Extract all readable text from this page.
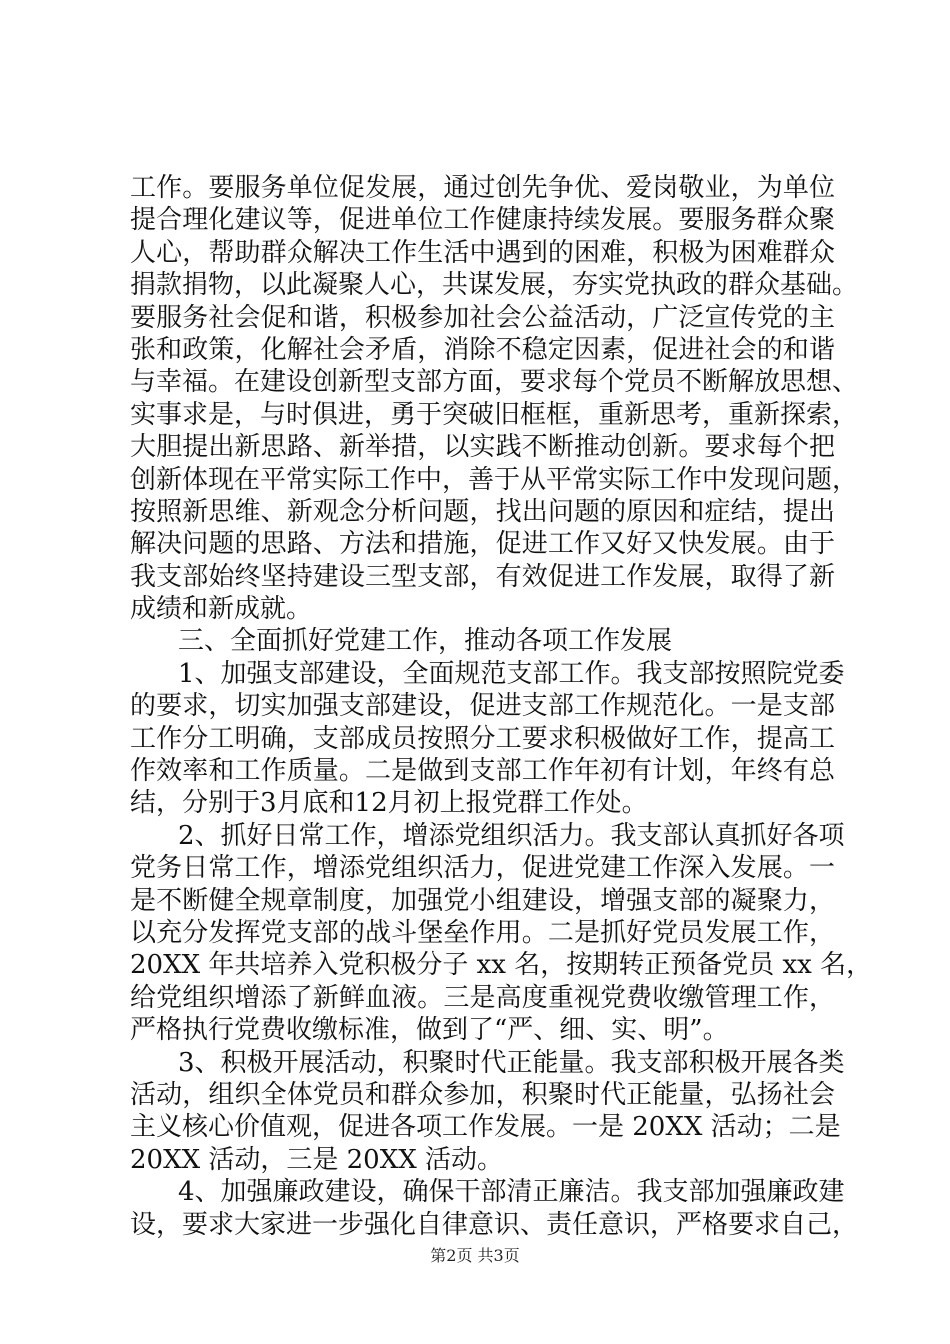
工作。要服务单位促发展，通过创先争优、爱岗敬业，为单位
提合理化建议等，促进单位工作健康持续发展。要服务群众聚
人心，帮助群众解决工作生活中遇到的困难，积极为困难群众
捐款捐物，以此凝聚人心，共谋发展，夯实党执政的群众基础。
要服务社会促和谐，积极参加社会公益活动，广泛宣传党的主
张和政策，化解社会矛盾，消除不稳定因素，促进社会的和谐
与幸福。在建设创新型支部方面，要求每个党员不断解放思想、
实事求是，与时俱进，勇于突破旧框框，重新思考，重新探索，
大胆提出新思路、新举措，以实践不断推动创新。要求每个把
创新体现在平常实际工作中，善于从平常实际工作中发现问题，
按照新思维、新观念分析问题，找出问题的原因和症结，提出
解决问题的思路、方法和措施，促进工作又好又快发展。由于
我支部始终坚持建设三型支部，有效促进工作发展，取得了新
成绩和新成就。
三、全面抓好党建工作，推动各项工作发展
1、加强支部建设，全面规范支部工作。我支部按照院党委
的要求，切实加强支部建设，促进支部工作规范化。一是支部
工作分工明确，支部成员按照分工要求积极做好工作，提高工
作效率和工作质量。二是做到支部工作年初有计划，年终有总
结，分别于3月底和12月初上报党群工作处。
2、抓好日常工作，增添党组织活力。我支部认真抓好各项
党务日常工作，增添党组织活力，促进党建工作深入发展。一
是不断健全规章制度，加强党小组建设，增强支部的凝聚力，
以充分发挥党支部的战斗堡垒作用。二是抓好党员发展工作，
20XX 年共培养入党积极分子 xx 名，按期转正预备党员 xx 名，
给党组织增添了新鲜血液。三是高度重视党费收缴管理工作，
严格执行党费收缴标准，做到了“严、细、实、明”。
3、积极开展活动，积聚时代正能量。我支部积极开展各类
活动，组织全体党员和群众参加，积聚时代正能量，弘扬社会
主义核心价值观，促进各项工作发展。一是 20XX 活动；二是
20XX 活动，三是 20XX 活动。
4、加强廉政建设，确保干部清正廉洁。我支部加强廉政建
设，要求大家进一步强化自律意识、责任意识，严格要求自己，
第2页 共3页
